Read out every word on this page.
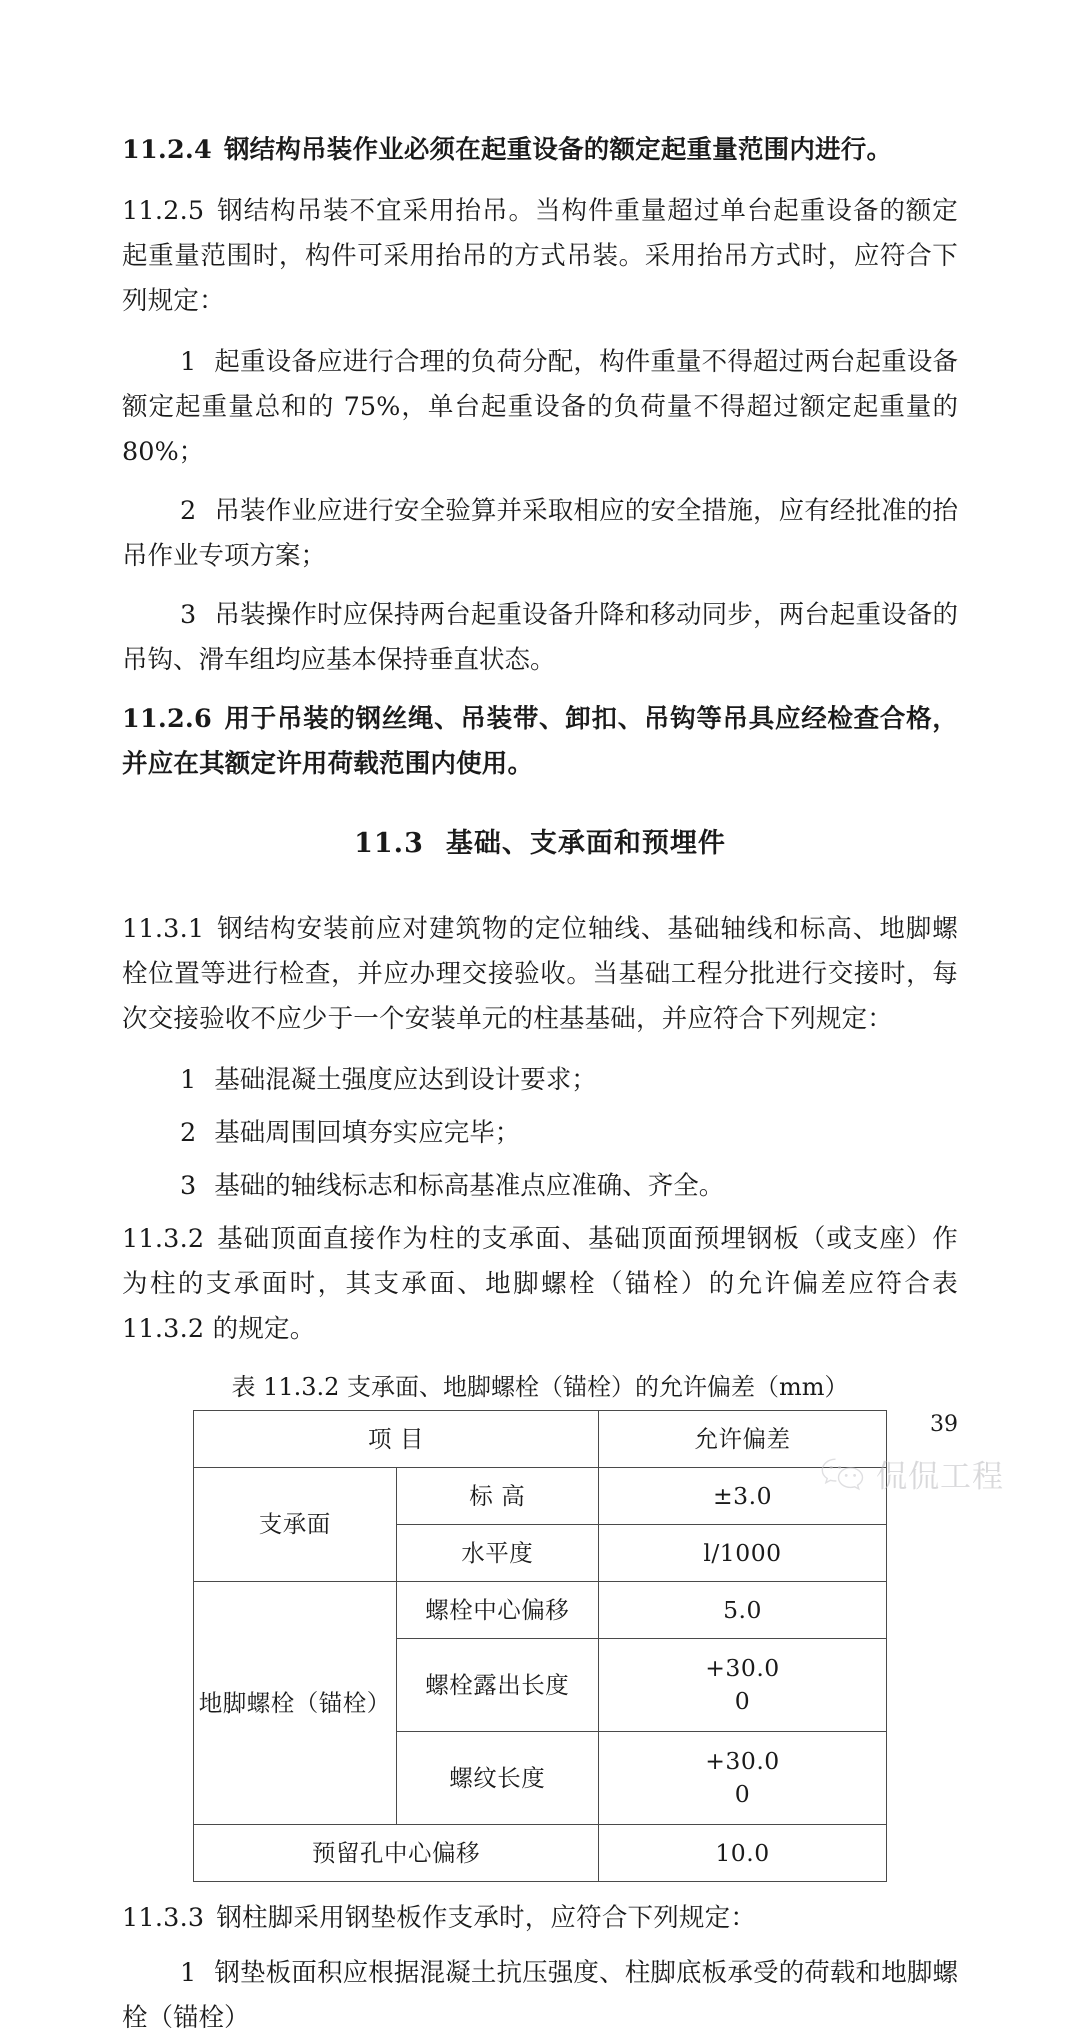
11.2.4 钢结构吊装作业必须在起重设备的额定起重量范围内进行。

11.2.5 钢结构吊装不宜采用抬吊。当构件重量超过单台起重设备的额定起重量范围时，构件可采用抬吊的方式吊装。采用抬吊方式时，应符合下列规定：

1 起重设备应进行合理的负荷分配，构件重量不得超过两台起重设备额定起重量总和的 75%，单台起重设备的负荷量不得超过额定起重量的 80%；

2 吊装作业应进行安全验算并采取相应的安全措施，应有经批准的抬吊作业专项方案；

3 吊装操作时应保持两台起重设备升降和移动同步，两台起重设备的吊钩、滑车组均应基本保持垂直状态。

11.2.6 用于吊装的钢丝绳、吊装带、卸扣、吊钩等吊具应经检查合格，并应在其额定许用荷载范围内使用。

11.3 基础、支承面和预埋件

11.3.1 钢结构安装前应对建筑物的定位轴线、基础轴线和标高、地脚螺栓位置等进行检查，并应办理交接验收。当基础工程分批进行交接时，每次交接验收不应少于一个安装单元的柱基基础，并应符合下列规定：

1 基础混凝土强度应达到设计要求；

2 基础周围回填夯实应完毕；

3 基础的轴线标志和标高基准点应准确、齐全。

11.3.2 基础顶面直接作为柱的支承面、基础顶面预埋钢板（或支座）作为柱的支承面时，其支承面、地脚螺栓（锚栓）的允许偏差应符合表 11.3.2 的规定。

表 11.3.2 支承面、地脚螺栓（锚栓）的允许偏差（mm）
项 目		允许偏差
支承面	标 高	±3.0
	水平度	l/1000
地脚螺栓（锚栓）	螺栓中心偏移	5.0
	螺栓露出长度	+30.0
0

	螺纹长度	+30.0
0

预留孔中心偏移		10.0

11.3.3 钢柱脚采用钢垫板作支承时，应符合下列规定：

1 钢垫板面积应根据混凝土抗压强度、柱脚底板承受的荷载和地脚螺栓（锚栓）

39
侃侃工程
